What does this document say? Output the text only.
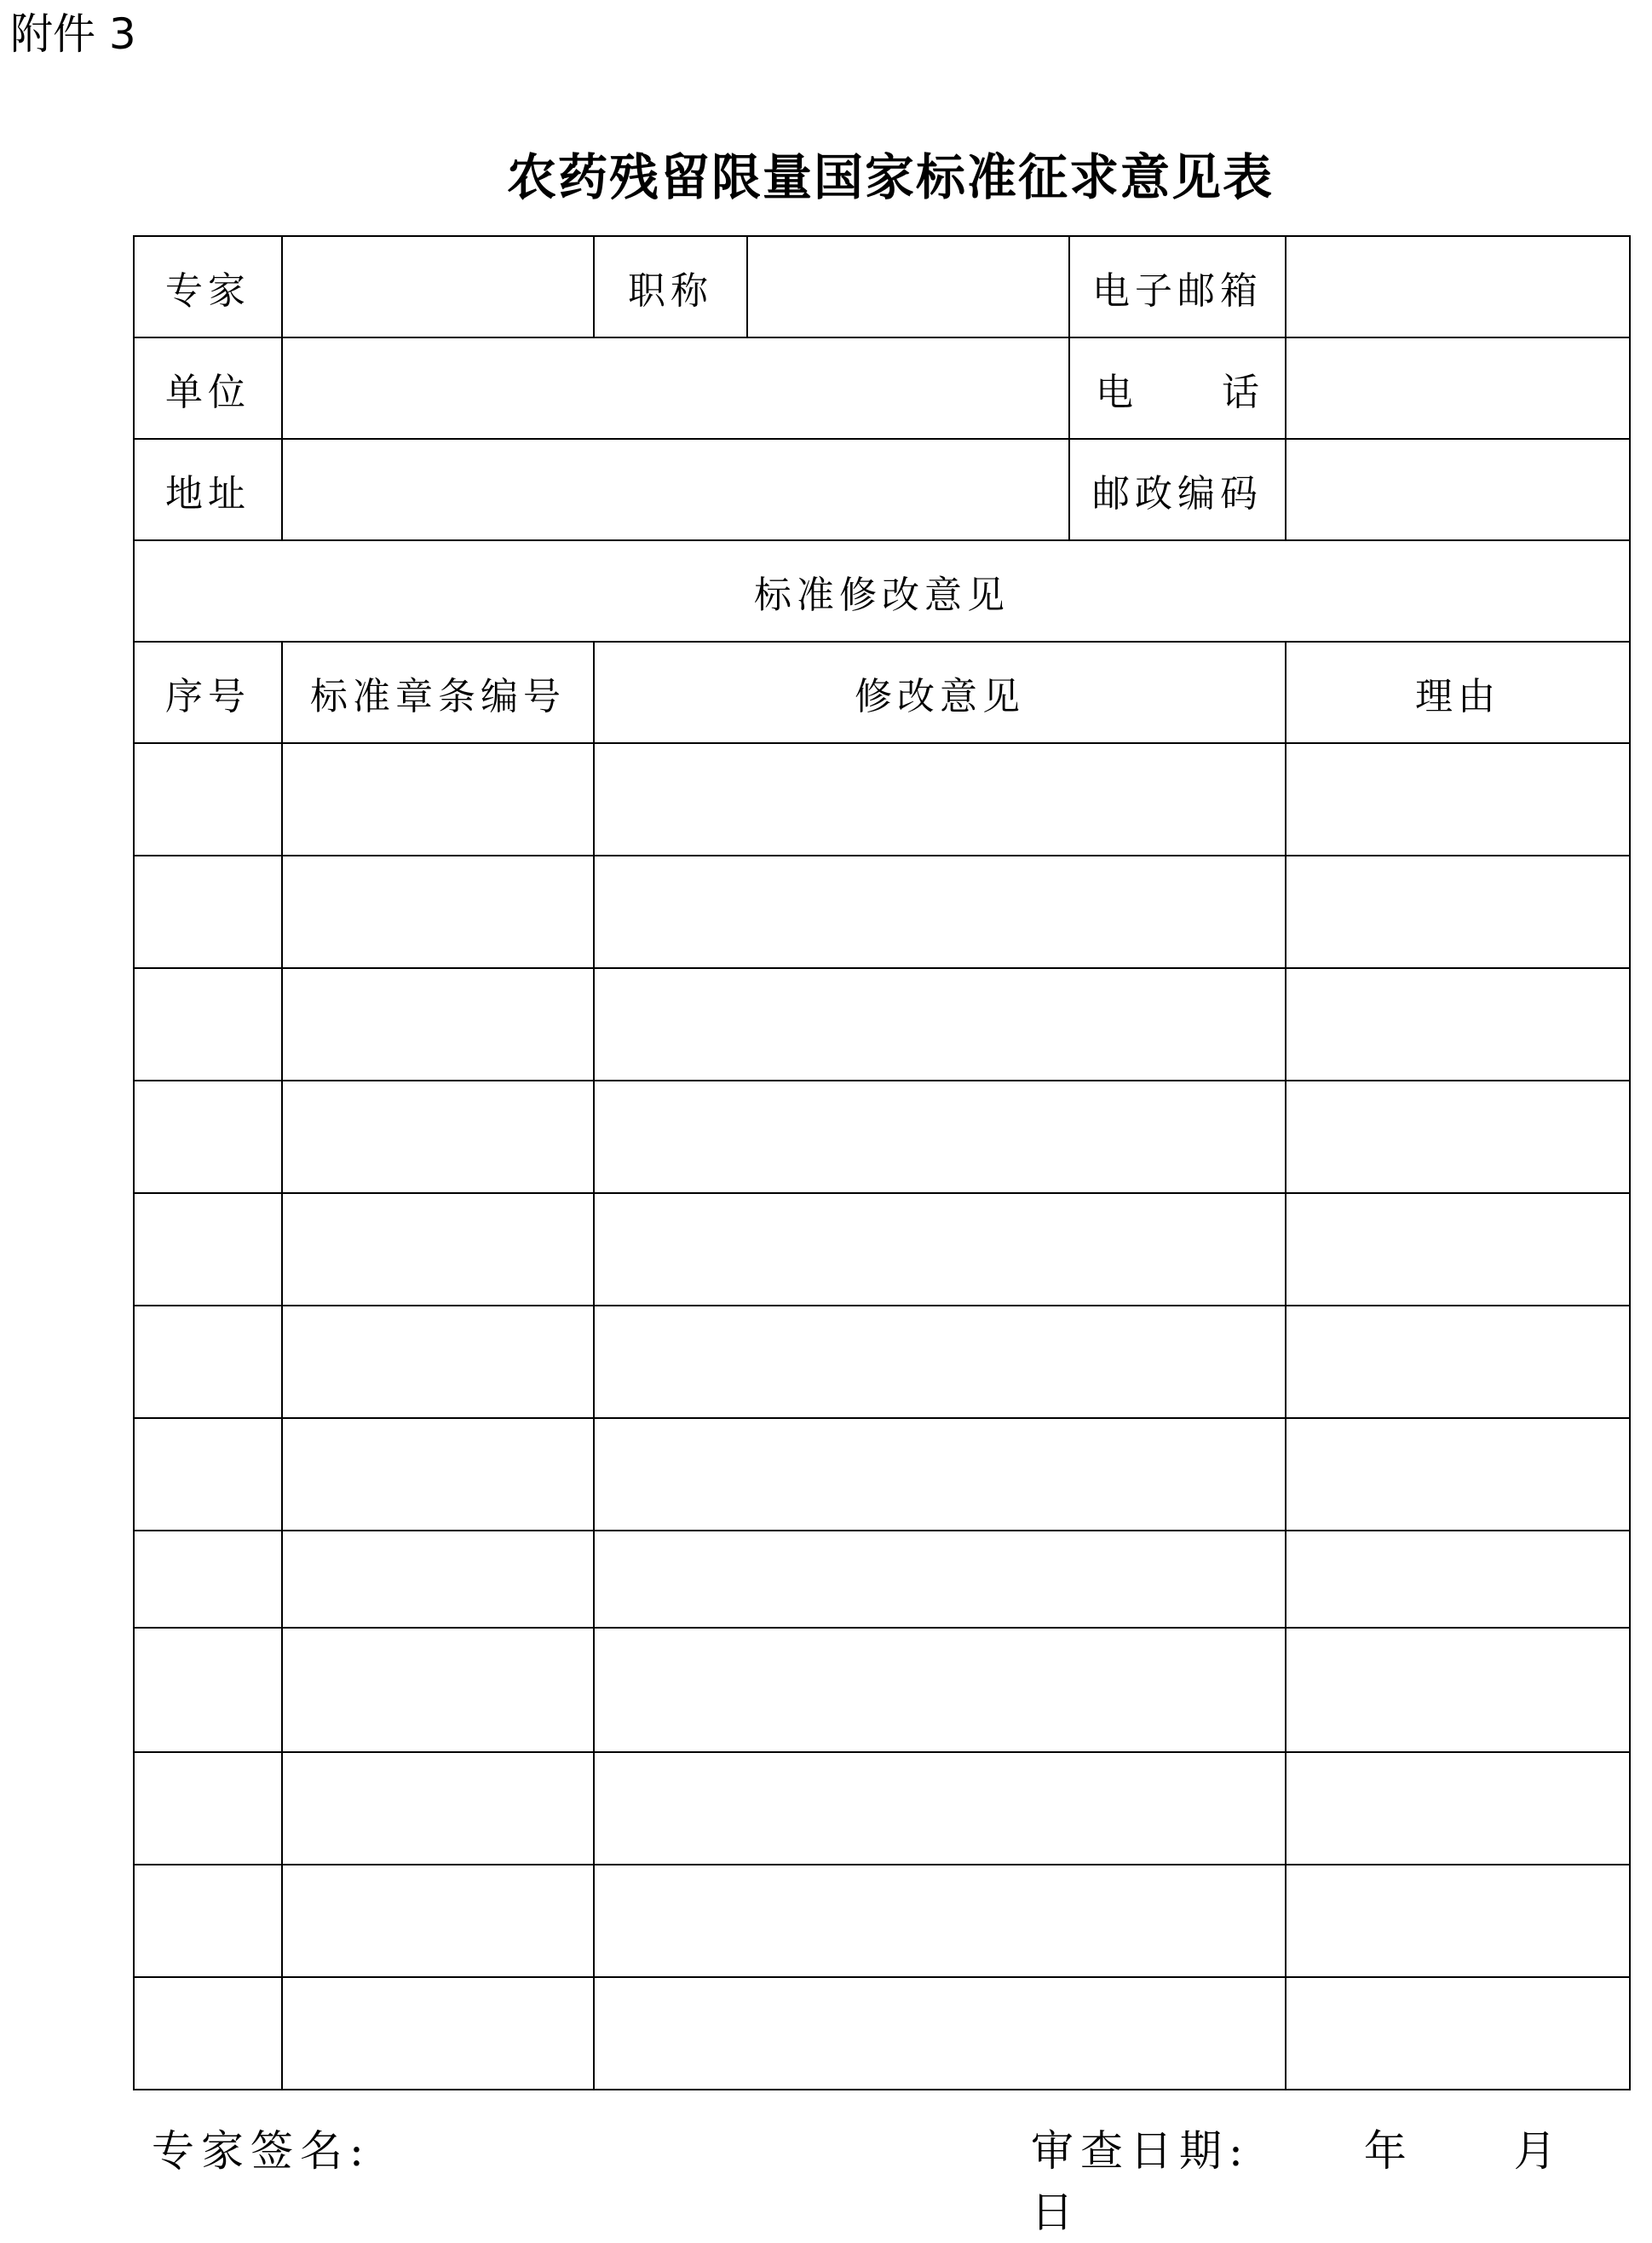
附件 3
农药残留限量国家标准征求意见表
专家		职称		电子邮箱	
单位				电 话	

地址				邮政编码	
标准修改意见					
序号	标准章条编号	修改意见			理由

专家签名:	审查日期:	年 月  日
